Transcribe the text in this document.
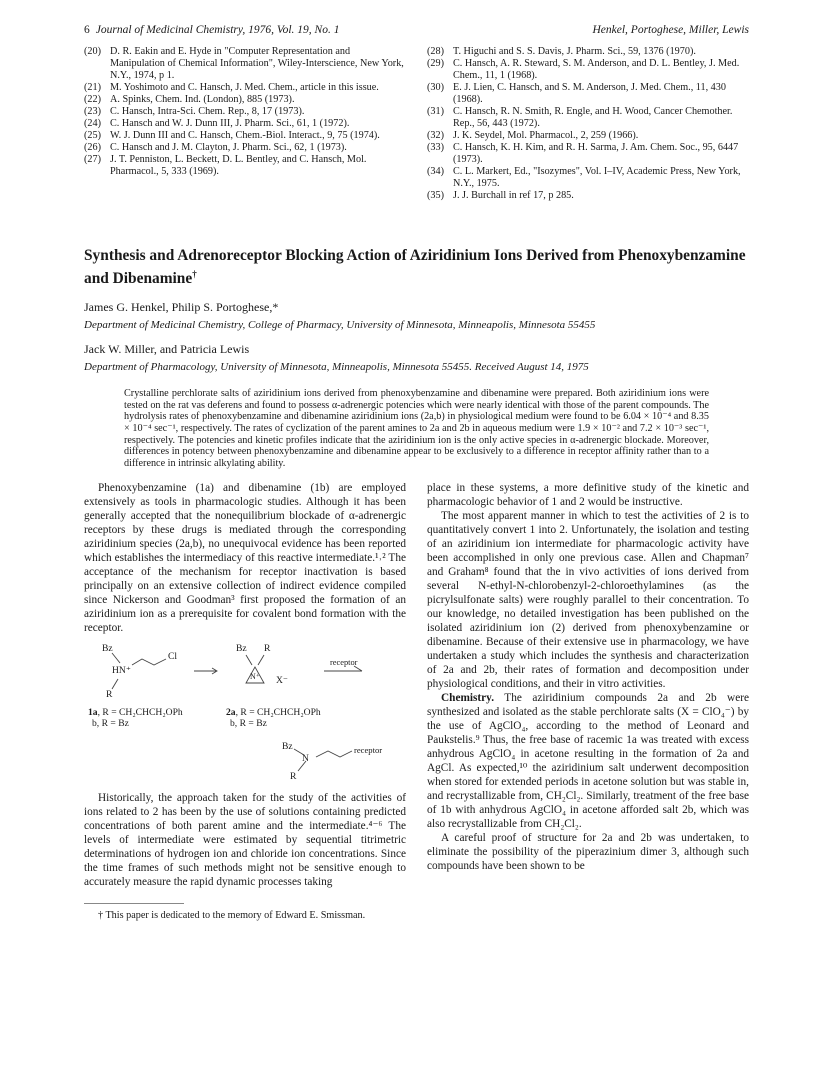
6 Journal of Medicinal Chemistry, 1976, Vol. 19, No. 1	Henkel, Portoghese, Miller, Lewis
(20) D. R. Eakin and E. Hyde in "Computer Representation and Manipulation of Chemical Information", Wiley-Interscience, New York, N.Y., 1974, p 1.
(21) M. Yoshimoto and C. Hansch, J. Med. Chem., article in this issue.
(22) A. Spinks, Chem. Ind. (London), 885 (1973).
(23) C. Hansch, Intra-Sci. Chem. Rep., 8, 17 (1973).
(24) C. Hansch and W. J. Dunn III, J. Pharm. Sci., 61, 1 (1972).
(25) W. J. Dunn III and C. Hansch, Chem.-Biol. Interact., 9, 75 (1974).
(26) C. Hansch and J. M. Clayton, J. Pharm. Sci., 62, 1 (1973).
(27) J. T. Penniston, L. Beckett, D. L. Bentley, and C. Hansch, Mol. Pharmacol., 5, 333 (1969).
(28) T. Higuchi and S. S. Davis, J. Pharm. Sci., 59, 1376 (1970).
(29) C. Hansch, A. R. Steward, S. M. Anderson, and D. L. Bentley, J. Med. Chem., 11, 1 (1968).
(30) E. J. Lien, C. Hansch, and S. M. Anderson, J. Med. Chem., 11, 430 (1968).
(31) C. Hansch, R. N. Smith, R. Engle, and H. Wood, Cancer Chemother. Rep., 56, 443 (1972).
(32) J. K. Seydel, Mol. Pharmacol., 2, 259 (1966).
(33) C. Hansch, K. H. Kim, and R. H. Sarma, J. Am. Chem. Soc., 95, 6447 (1973).
(34) C. L. Markert, Ed., "Isozymes", Vol. I–IV, Academic Press, New York, N.Y., 1975.
(35) J. J. Burchall in ref 17, p 285.
Synthesis and Adrenoreceptor Blocking Action of Aziridinium Ions Derived from Phenoxybenzamine and Dibenamine†
James G. Henkel, Philip S. Portoghese,*
Department of Medicinal Chemistry, College of Pharmacy, University of Minnesota, Minneapolis, Minnesota 55455
Jack W. Miller, and Patricia Lewis
Department of Pharmacology, University of Minnesota, Minneapolis, Minnesota 55455. Received August 14, 1975
Crystalline perchlorate salts of aziridinium ions derived from phenoxybenzamine and dibenamine were prepared. Both aziridinium ions were tested on the rat vas deferens and found to possess α-adrenergic potencies which were nearly identical with those of the parent compounds. The hydrolysis rates of phenoxybenzamine and dibenamine aziridinium ions (2a,b) in physiological medium were found to be 6.04 × 10⁻⁴ and 8.35 × 10⁻⁴ sec⁻¹, respectively. The rates of cyclization of the parent amines to 2a and 2b in aqueous medium were 1.9 × 10⁻² and 7.2 × 10⁻³ sec⁻¹, respectively. The potencies and kinetic profiles indicate that the aziridinium ion is the only active species in α-adrenergic blockade. Moreover, differences in potency between phenoxybenzamine and dibenamine appear to be exclusively to a difference in receptor affinity rather than to a difference in intrinsic alkylating ability.

Phenoxybenzamine (1a) and dibenamine (1b) are employed extensively as tools in pharmacologic studies. Although it has been generally accepted that the nonequilibrium blockade of α-adrenergic receptors by these drugs is mediated through the corresponding aziridinium species (2a,b), no unequivocal evidence has been reported which establishes the intermediacy of this reactive intermediate.¹˒² The acceptance of the mechanism for receptor inactivation is based principally on an extensive collection of indirect evidence compiled since Nickerson and Goodman³ first proposed the formation of an aziridinium ion as a prerequisite for covalent bond formation with the receptor.

Bz
Cl
HN⁺
R
Bz R
N⁺ X⁻
receptor
1a, R = CH₂CHCH₂OPh
b, R = Bz
2a, R = CH₂CHCH₂OPh
b, R = Bz
Bz
N
R
receptor

Historically, the approach taken for the study of the activities of ions related to 2 has been by the use of solutions containing predicted concentrations of both parent amine and the intermediate.⁴⁻⁶ The levels of intermediate were estimated by sequential titrimetric determinations of hydrogen ion and chloride ion concentrations. Since the time frames of such methods might not be sensitive enough to accurately measure the rapid dynamic processes taking

† This paper is dedicated to the memory of Edward E. Smissman.

place in these systems, a more definitive study of the kinetic and pharmacologic behavior of 1 and 2 would be instructive.

The most apparent manner in which to test the activities of 2 is to quantitatively convert 1 into 2. Unfortunately, the isolation and testing of an aziridinium ion intermediate for pharmacologic activity have been accomplished in only one previous case. Allen and Chapman⁷ and Graham⁸ found that the in vivo activities of ions derived from several N-ethyl-N-chlorobenzyl-2-chloroethylamines (as the picrylsulfonate salts) were roughly parallel to their concentration. To our knowledge, no detailed investigation has been published on the isolated aziridinium ion (2) derived from phenoxybenzamine or dibenamine. Because of their extensive use in pharmacology, we have undertaken a study which includes the synthesis and characterization of 2a and 2b, their rates of formation and decomposition under physiological conditions, and their in vitro activities.

Chemistry. The aziridinium compounds 2a and 2b were synthesized and isolated as the stable perchlorate salts (X = ClO₄⁻) by the use of AgClO₄, according to the method of Leonard and Paukstelis.⁹ Thus, the free base of racemic 1a was treated with excess anhydrous AgClO₄ in acetone resulting in the formation of 2a and AgCl. As expected,¹⁰ the aziridinium salt underwent decomposition when stored for extended periods in acetone solution but was stable in, and recrystallizable from, CH₂Cl₂. Similarly, treatment of the free base of 1b with anhydrous AgClO₄ in acetone afforded salt 2b, which was also recrystallizable from CH₂Cl₂.

A careful proof of structure for 2a and 2b was undertaken, to eliminate the possibility of the piperazinium dimer 3, although such compounds have been shown to be
